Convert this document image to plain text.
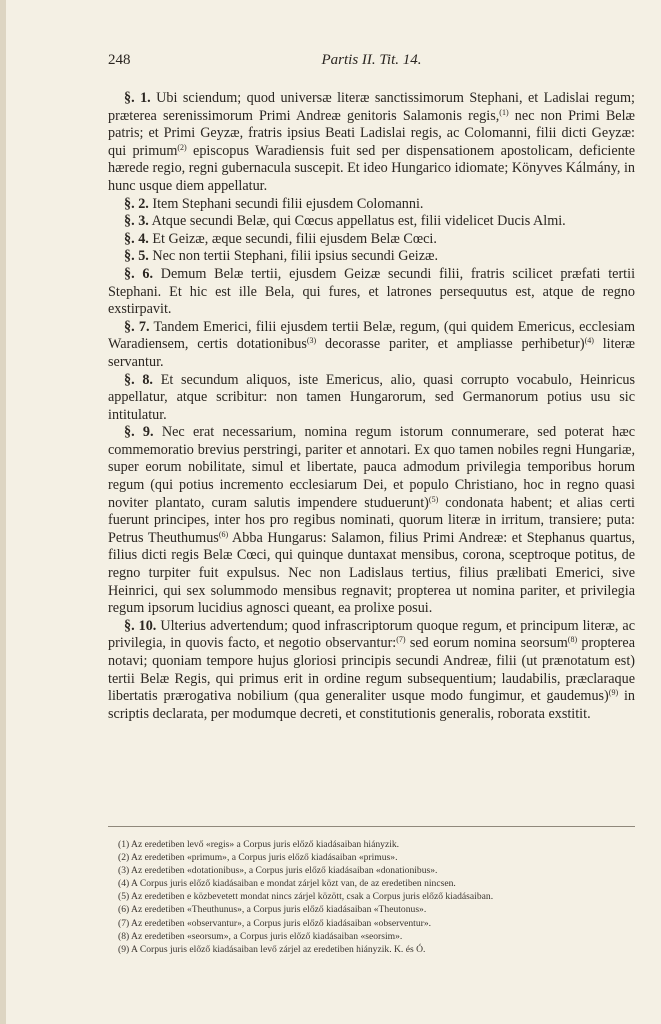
248	Partis II. Tit. 14.

§. 1. Ubi sciendum; quod universæ literæ sanctissimorum Stephani, et Ladislai regum; præterea serenissimorum Primi Andreæ genitoris Salamonis regis,$^{(1)}$ nec non Primi Belæ patris; et Primi Geyzæ, fratris ipsius Beati Ladislai regis, ac Colomanni, filii dicti Geyzæ: qui primum$^{(2)}$ episcopus Waradiensis fuit sed per dispensationem apostolicam, deficiente hærede regio, regni gubernacula suscepit. Et ideo Hungarico idiomate; Könyves Kálmány, in hunc usque diem appellatur.

§. 2. Item Stephani secundi filii ejusdem Colomanni.

§. 3. Atque secundi Belæ, qui Cœcus appellatus est, filii videlicet Ducis Almi.

§. 4. Et Geizæ, æque secundi, filii ejusdem Belæ Cœci.

§. 5. Nec non tertii Stephani, filii ipsius secundi Geizæ.

§. 6. Demum Belæ tertii, ejusdem Geizæ secundi filii, fratris scilicet præfati tertii Stephani. Et hic est ille Bela, qui fures, et latrones persequutus est, atque de regno exstirpavit.

§. 7. Tandem Emerici, filii ejusdem tertii Belæ, regum, (qui quidem Emericus, ecclesiam Waradiensem, certis dotationibus$^{(3)}$ decorasse pariter, et ampliasse perhibetur)$^{(4)}$ literæ servantur.

§. 8. Et secundum aliquos, iste Emericus, alio, quasi corrupto vocabulo, Heinricus appellatur, atque scribitur: non tamen Hungarorum, sed Germanorum potius usu sic intitulatur.

§. 9. Nec erat necessarium, nomina regum istorum connumerare, sed poterat hæc commemoratio brevius perstringi, pariter et annotari. Ex quo tamen nobiles regni Hungariæ, super eorum nobilitate, simul et libertate, pauca admodum privilegia temporibus horum regum (qui potius incremento ecclesiarum Dei, et populo Christiano, hoc in regno quasi noviter plantato, curam salutis impendere studuerunt)$^{(5)}$ condonata habent; et alias certi fuerunt principes, inter hos pro regibus nominati, quorum literæ in irritum, transiere; puta: Petrus Theuthumus$^{(6)}$ Abba Hungarus: Salamon, filius Primi Andreæ: et Stephanus quartus, filius dicti regis Belæ Cœci, qui quinque duntaxat mensibus, corona, sceptroque potitus, de regno turpiter fuit expulsus. Nec non Ladislaus tertius, filius prælibati Emerici, sive Heinrici, qui sex solummodo mensibus regnavit; propterea ut nomina pariter, et privilegia regum ipsorum lucidius agnosci queant, ea prolixe posui.

§. 10. Ulterius advertendum; quod infrascriptorum quoque regum, et principum literæ, ac privilegia, in quovis facto, et negotio observantur:$^{(7)}$ sed eorum nomina seorsum$^{(8)}$ propterea notavi; quoniam tempore hujus gloriosi principis secundi Andreæ, filii (ut prænotatum est) tertii Belæ Regis, qui primus erit in ordine regum subsequentium; laudabilis, præclaraque libertatis prærogativa nobilium (qua generaliter usque modo fungimur, et gaudemus)$^{(9)}$ in scriptis declarata, per modumque decreti, et constitutionis generalis, roborata exstitit.

(1) Az eredetiben levő «regis» a Corpus juris előző kiadásaiban hiányzik.
(2) Az eredetiben «primum», a Corpus juris előző kiadásaiban «primus».
(3) Az eredetiben «dotationibus», a Corpus juris előző kiadásaiban «donationibus».
(4) A Corpus juris előző kiadásaiban e mondat zárjel közt van, de az eredetiben nincsen.
(5) Az eredetiben e közbevetett mondat nincs zárjel között, csak a Corpus juris előző kiadásaiban.
(6) Az eredetiben «Theuthunus», a Corpus juris előző kiadásaiban «Theutonus».
(7) Az eredetiben «observantur», a Corpus juris előző kiadásaiban «observentur».
(8) Az eredetiben «seorsum», a Corpus juris előző kiadásaiban «seorsim».
(9) A Corpus juris előző kiadásaiban levő zárjel az eredetiben hiányzik. K. és Ó.
